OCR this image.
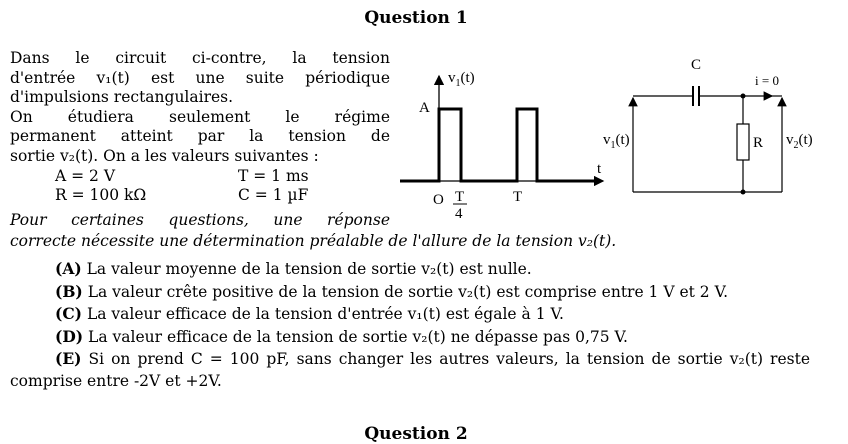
Question 1

Dans le circuit ci-contre, la tension

d'entrée v₁(t) est une suite périodique

d'impulsions rectangulaires.

On étudiera seulement le régime

permanent atteint par la tension de

sortie v₂(t). On a les valeurs suivantes :

A = 2 V	T = 1 ms
R = 100 kΩ	C = 1 µF
Pour certaines questions, une réponse
correcte nécessite une détermination préalable de l'allure de la tension v₂(t).
$v_1(t)$
A
t
O T
4
T
C
i = 0
R
$v_1(t)$	$v_2(t)$

(A) La valeur moyenne de la tension de sortie v₂(t) est nulle.

(B) La valeur crête positive de la tension de sortie v₂(t) est comprise entre 1 V et 2 V.

(C) La valeur efficace de la tension d'entrée v₁(t) est égale à 1 V.

(D) La valeur efficace de la tension de sortie v₂(t) ne dépasse pas 0,75 V.

(E) Si on prend C = 100 pF, sans changer les autres valeurs, la tension de sortie v₂(t) reste comprise entre -2V et +2V.

Question 2
